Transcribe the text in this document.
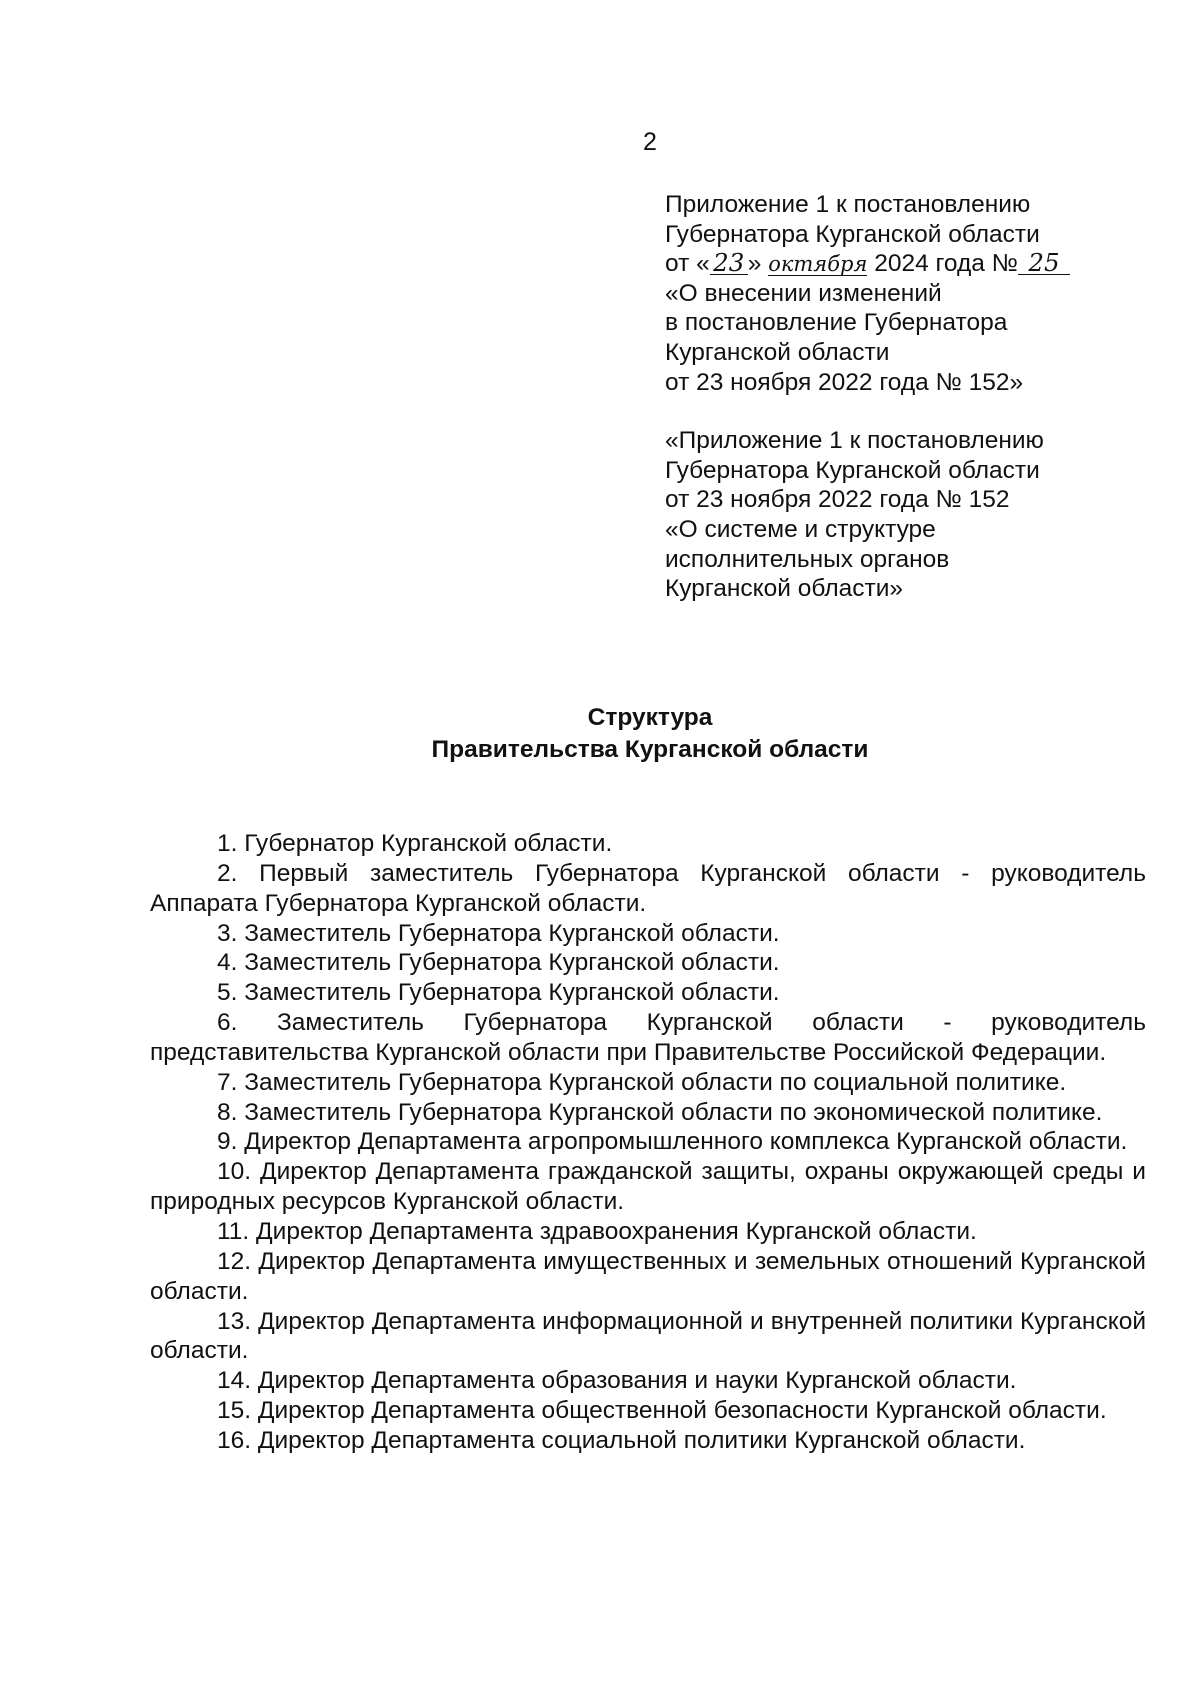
2
Приложение 1 к постановлению
Губернатора Курганской области
от « 23 » октября 2024 года № 25
«О внесении изменений
в постановление Губернатора
Курганской области
от 23 ноября 2022 года № 152»
«Приложение 1 к постановлению
Губернатора Курганской области
от 23 ноября 2022 года № 152
«О системе и структуре
исполнительных органов
Курганской области»
Структура
Правительства Курганской области
1. Губернатор Курганской области.
2. Первый заместитель Губернатора Курганской области - руководитель Аппарата Губернатора Курганской области.
3. Заместитель Губернатора Курганской области.
4. Заместитель Губернатора Курганской области.
5. Заместитель Губернатора Курганской области.
6. Заместитель Губернатора Курганской области - руководитель представительства Курганской области при Правительстве Российской Федерации.
7. Заместитель Губернатора Курганской области по социальной политике.
8. Заместитель Губернатора Курганской области по экономической политике.
9. Директор Департамента агропромышленного комплекса Курганской области.
10. Директор Департамента гражданской защиты, охраны окружающей среды и природных ресурсов Курганской области.
11. Директор Департамента здравоохранения Курганской области.
12. Директор Департамента имущественных и земельных отношений Курганской области.
13. Директор Департамента информационной и внутренней политики Курганской области.
14. Директор Департамента образования и науки Курганской области.
15. Директор Департамента общественной безопасности Курганской области.
16. Директор Департамента социальной политики Курганской области.
